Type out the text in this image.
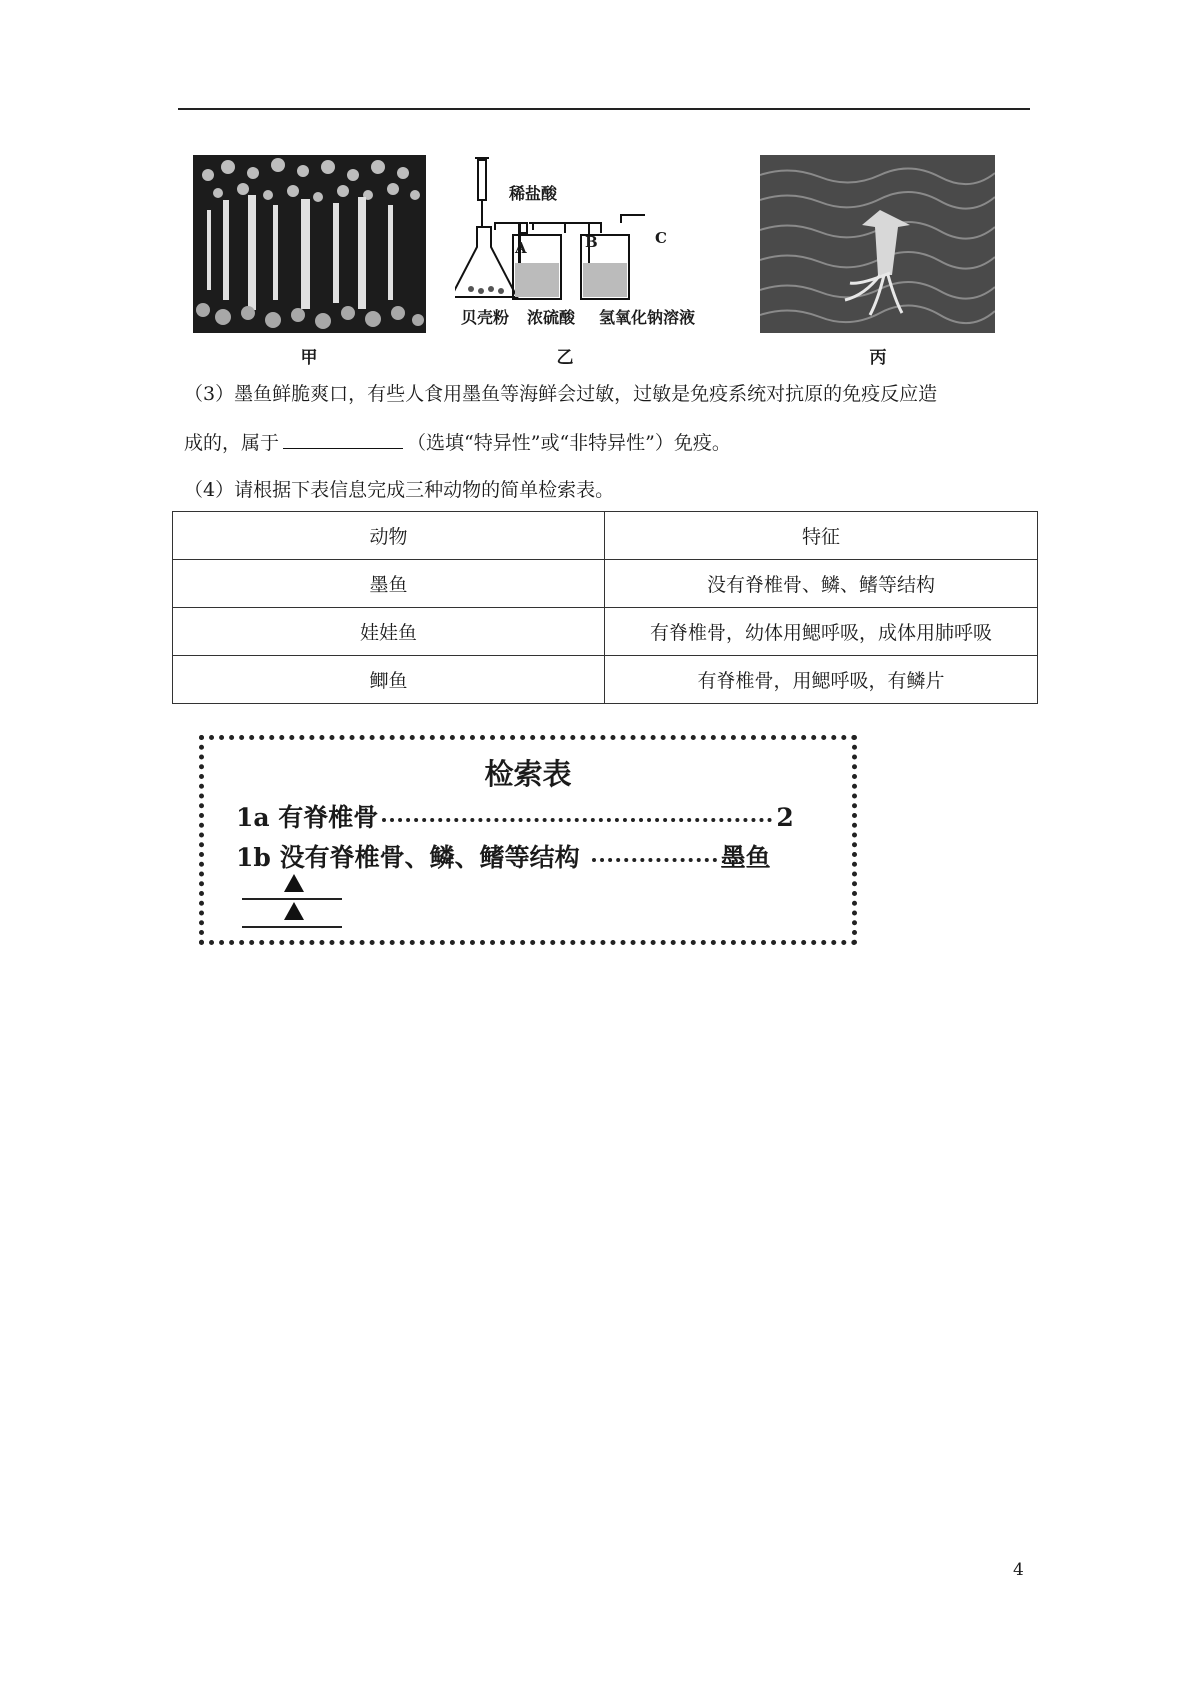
甲
稀盐酸
A	B	C
贝壳粉 浓硫酸 氢氧化钠溶液
乙	丙
（3）墨鱼鲜脆爽口，有些人食用墨鱼等海鲜会过敏，过敏是免疫系统对抗原的免疫反应造
成的，属于	（选填“特异性”或“非特异性”）免疫。
（4）请根据下表信息完成三种动物的简单检索表。
动物	特征
墨鱼	没有脊椎骨、鳞、鳍等结构
娃娃鱼	有脊椎骨，幼体用鳃呼吸，成体用肺呼吸
鲫鱼	有脊椎骨，用鳃呼吸，有鳞片
检索表
1a 有脊椎骨	2
1b 没有脊椎骨、鳞、鳍等结构	墨鱼
4
